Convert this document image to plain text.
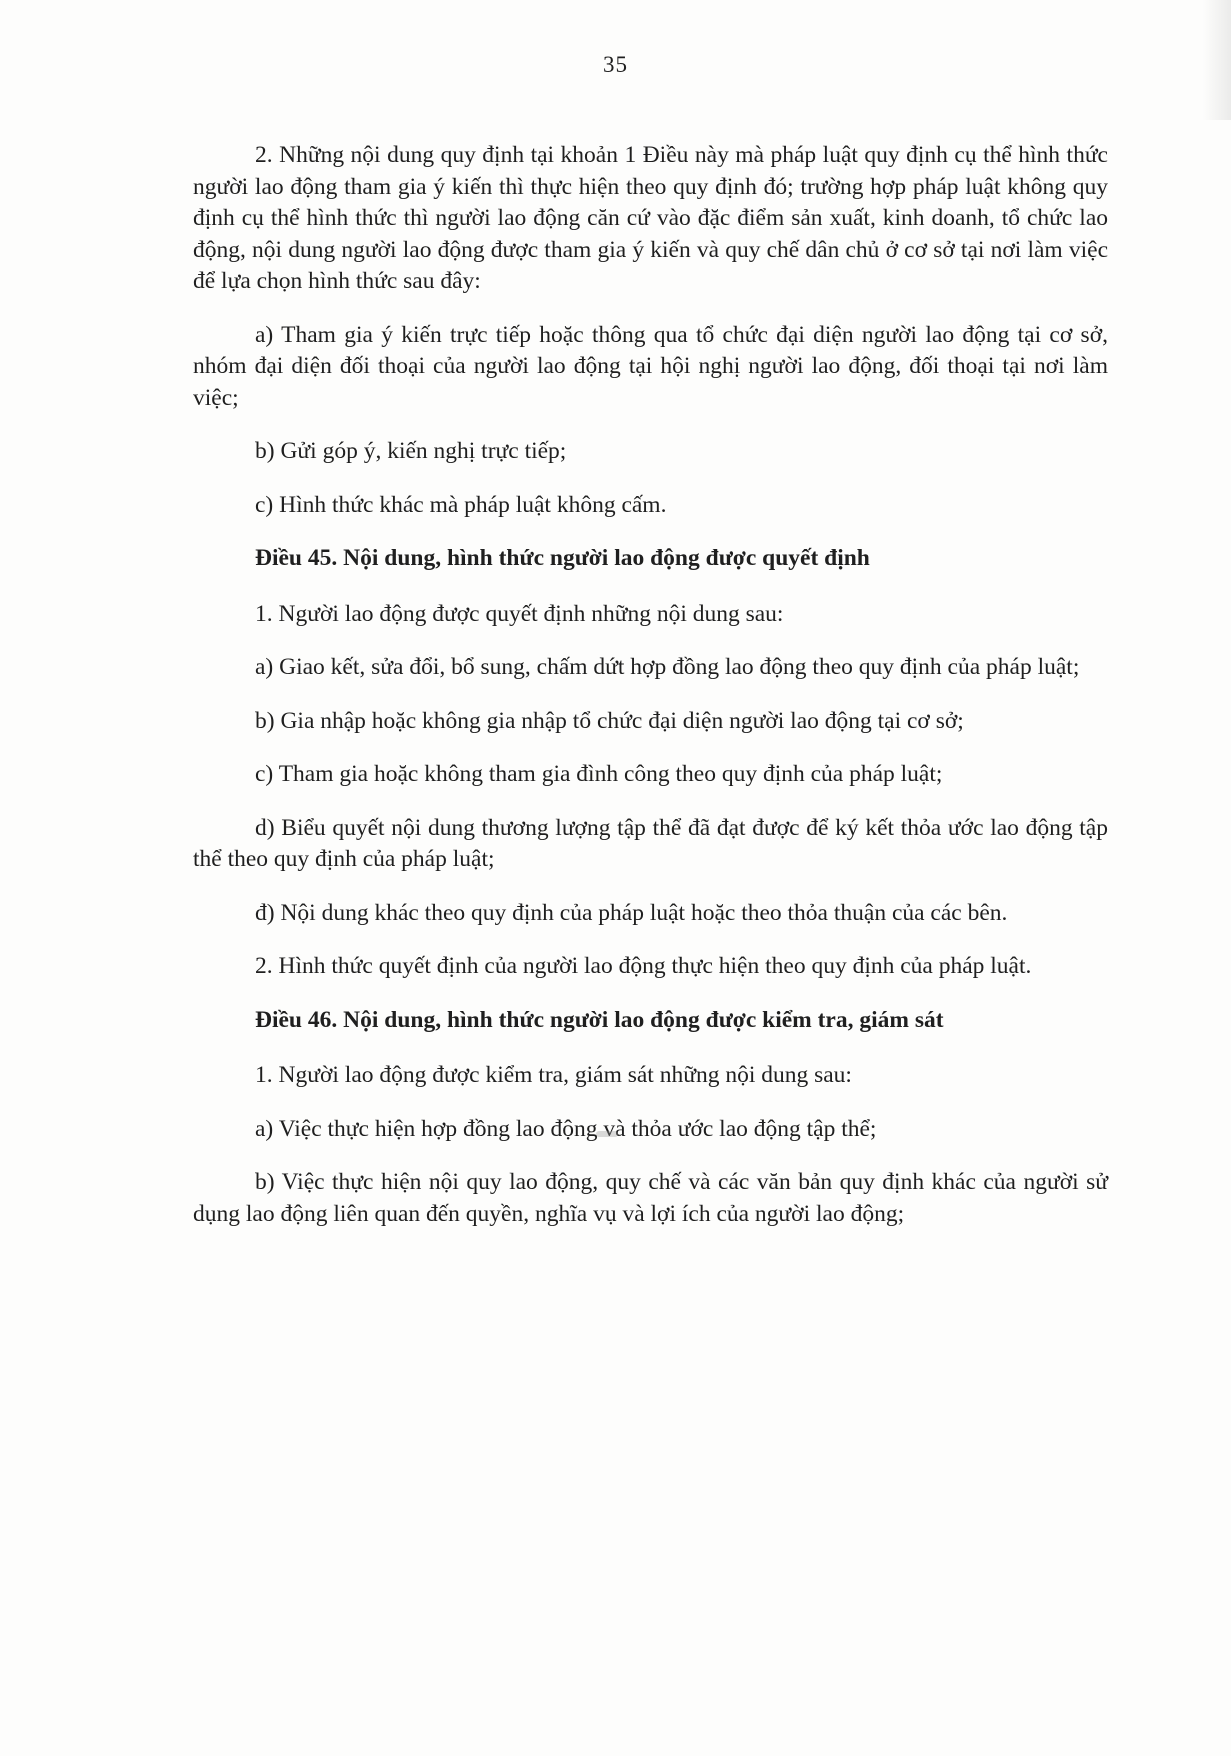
35

2. Những nội dung quy định tại khoản 1 Điều này mà pháp luật quy định cụ thể hình thức người lao động tham gia ý kiến thì thực hiện theo quy định đó; trường hợp pháp luật không quy định cụ thể hình thức thì người lao động căn cứ vào đặc điểm sản xuất, kinh doanh, tổ chức lao động, nội dung người lao động được tham gia ý kiến và quy chế dân chủ ở cơ sở tại nơi làm việc để lựa chọn hình thức sau đây:

a) Tham gia ý kiến trực tiếp hoặc thông qua tổ chức đại diện người lao động tại cơ sở, nhóm đại diện đối thoại của người lao động tại hội nghị người lao động, đối thoại tại nơi làm việc;

b) Gửi góp ý, kiến nghị trực tiếp;

c) Hình thức khác mà pháp luật không cấm.

Điều 45. Nội dung, hình thức người lao động được quyết định

1. Người lao động được quyết định những nội dung sau:

a) Giao kết, sửa đổi, bổ sung, chấm dứt hợp đồng lao động theo quy định của pháp luật;

b) Gia nhập hoặc không gia nhập tổ chức đại diện người lao động tại cơ sở;

c) Tham gia hoặc không tham gia đình công theo quy định của pháp luật;

d) Biểu quyết nội dung thương lượng tập thể đã đạt được để ký kết thỏa ước lao động tập thể theo quy định của pháp luật;

đ) Nội dung khác theo quy định của pháp luật hoặc theo thỏa thuận của các bên.

2. Hình thức quyết định của người lao động thực hiện theo quy định của pháp luật.

Điều 46. Nội dung, hình thức người lao động được kiểm tra, giám sát

1. Người lao động được kiểm tra, giám sát những nội dung sau:

a) Việc thực hiện hợp đồng lao động và thỏa ước lao động tập thể;

b) Việc thực hiện nội quy lao động, quy chế và các văn bản quy định khác của người sử dụng lao động liên quan đến quyền, nghĩa vụ và lợi ích của người lao động;
